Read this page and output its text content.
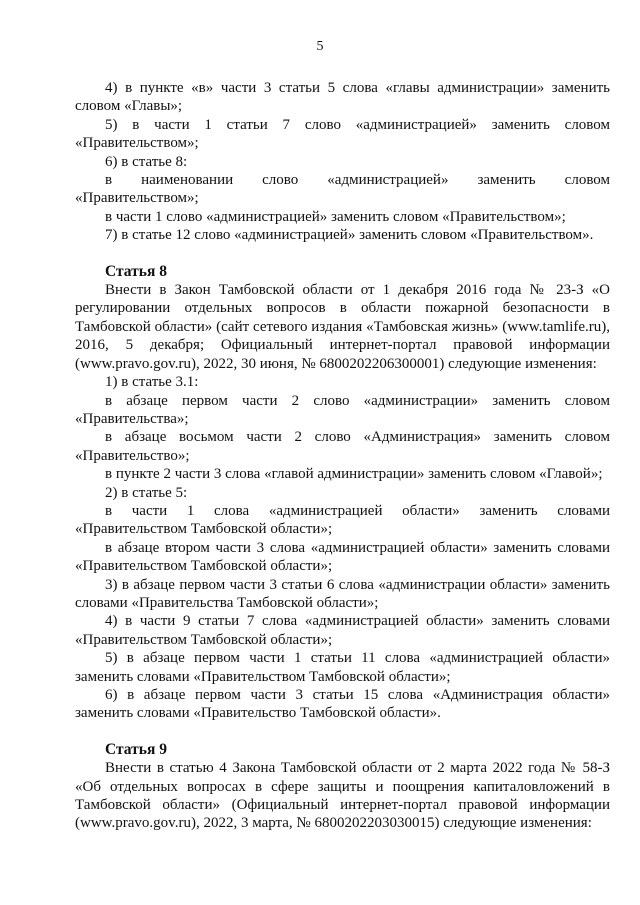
5

4) в пункте «в» части 3 статьи 5 слова «главы администрации» заменить словом «Главы»;

5) в части 1 статьи 7 слово «администрацией» заменить словом «Правительством»;

6) в статье 8:

в наименовании слово «администрацией» заменить словом «Правительством»;

в части 1 слово «администрацией» заменить словом «Правительством»;

7) в статье 12 слово «администрацией» заменить словом «Правительством».

Статья 8

Внести в Закон Тамбовской области от 1 декабря 2016 года № 23-З «О регулировании отдельных вопросов в области пожарной безопасности в Тамбовской области» (сайт сетевого издания «Тамбовская жизнь» (www.tamlife.ru), 2016, 5 декабря; Официальный интернет-портал правовой информации (www.pravo.gov.ru), 2022, 30 июня, № 6800202206300001) следующие изменения:

1) в статье 3.1:

в абзаце первом части 2 слово «администрации» заменить словом «Правительства»;

в абзаце восьмом части 2 слово «Администрация» заменить словом «Правительство»;

в пункте 2 части 3 слова «главой администрации» заменить словом «Главой»;

2) в статье 5:

в части 1 слова «администрацией области» заменить словами «Правительством Тамбовской области»;

в абзаце втором части 3 слова «администрацией области» заменить словами «Правительством Тамбовской области»;

3) в абзаце первом части 3 статьи 6 слова «администрации области» заменить словами «Правительства Тамбовской области»;

4) в части 9 статьи 7 слова «администрацией области» заменить словами «Правительством Тамбовской области»;

5) в абзаце первом части 1 статьи 11 слова «администрацией области» заменить словами «Правительством Тамбовской области»;

6) в абзаце первом части 3 статьи 15 слова «Администрация области» заменить словами «Правительство Тамбовской области».

Статья 9

Внести в статью 4 Закона Тамбовской области от 2 марта 2022 года № 58-З «Об отдельных вопросах в сфере защиты и поощрения капиталовложений в Тамбовской области» (Официальный интернет-портал правовой информации (www.pravo.gov.ru), 2022, 3 марта, № 6800202203030015) следующие изменения:
